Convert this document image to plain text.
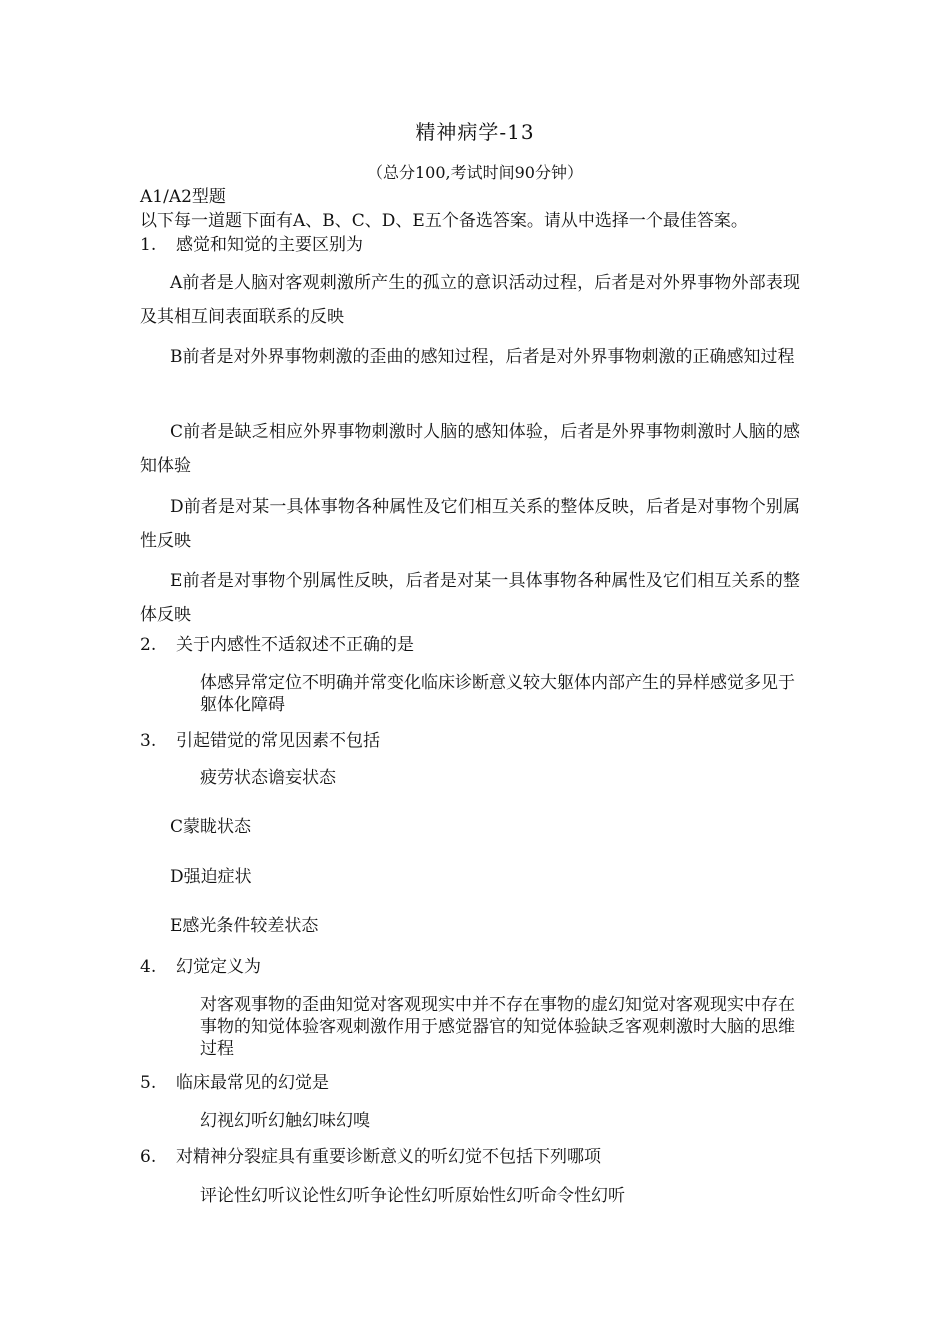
精神病学-13
（总分100,考试时间90分钟）
A1/A2型题
以下每一道题下面有A、B、C、D、E五个备选答案。请从中选择一个最佳答案。
1. 感觉和知觉的主要区别为
A前者是人脑对客观刺激所产生的孤立的意识活动过程，后者是对外界事物外部表现及其相互间表面联系的反映
B前者是对外界事物刺激的歪曲的感知过程，后者是对外界事物刺激的正确感知过程
C前者是缺乏相应外界事物刺激时人脑的感知体验，后者是外界事物刺激时人脑的感知体验
D前者是对某一具体事物各种属性及它们相互关系的整体反映，后者是对事物个别属性反映
E前者是对事物个别属性反映，后者是对某一具体事物各种属性及它们相互关系的整体反映
2. 关于内感性不适叙述不正确的是
体感异常定位不明确并常变化临床诊断意义较大躯体内部产生的异样感觉多见于躯体化障碍
3. 引起错觉的常见因素不包括
疲劳状态谵妄状态
C蒙眬状态
D强迫症状
E感光条件较差状态
4. 幻觉定义为
对客观事物的歪曲知觉对客观现实中并不存在事物的虚幻知觉对客观现实中存在事物的知觉体验客观刺激作用于感觉器官的知觉体验缺乏客观刺激时大脑的思维过程
5. 临床最常见的幻觉是
幻视幻听幻触幻味幻嗅
6. 对精神分裂症具有重要诊断意义的听幻觉不包括下列哪项
评论性幻听议论性幻听争论性幻听原始性幻听命令性幻听
